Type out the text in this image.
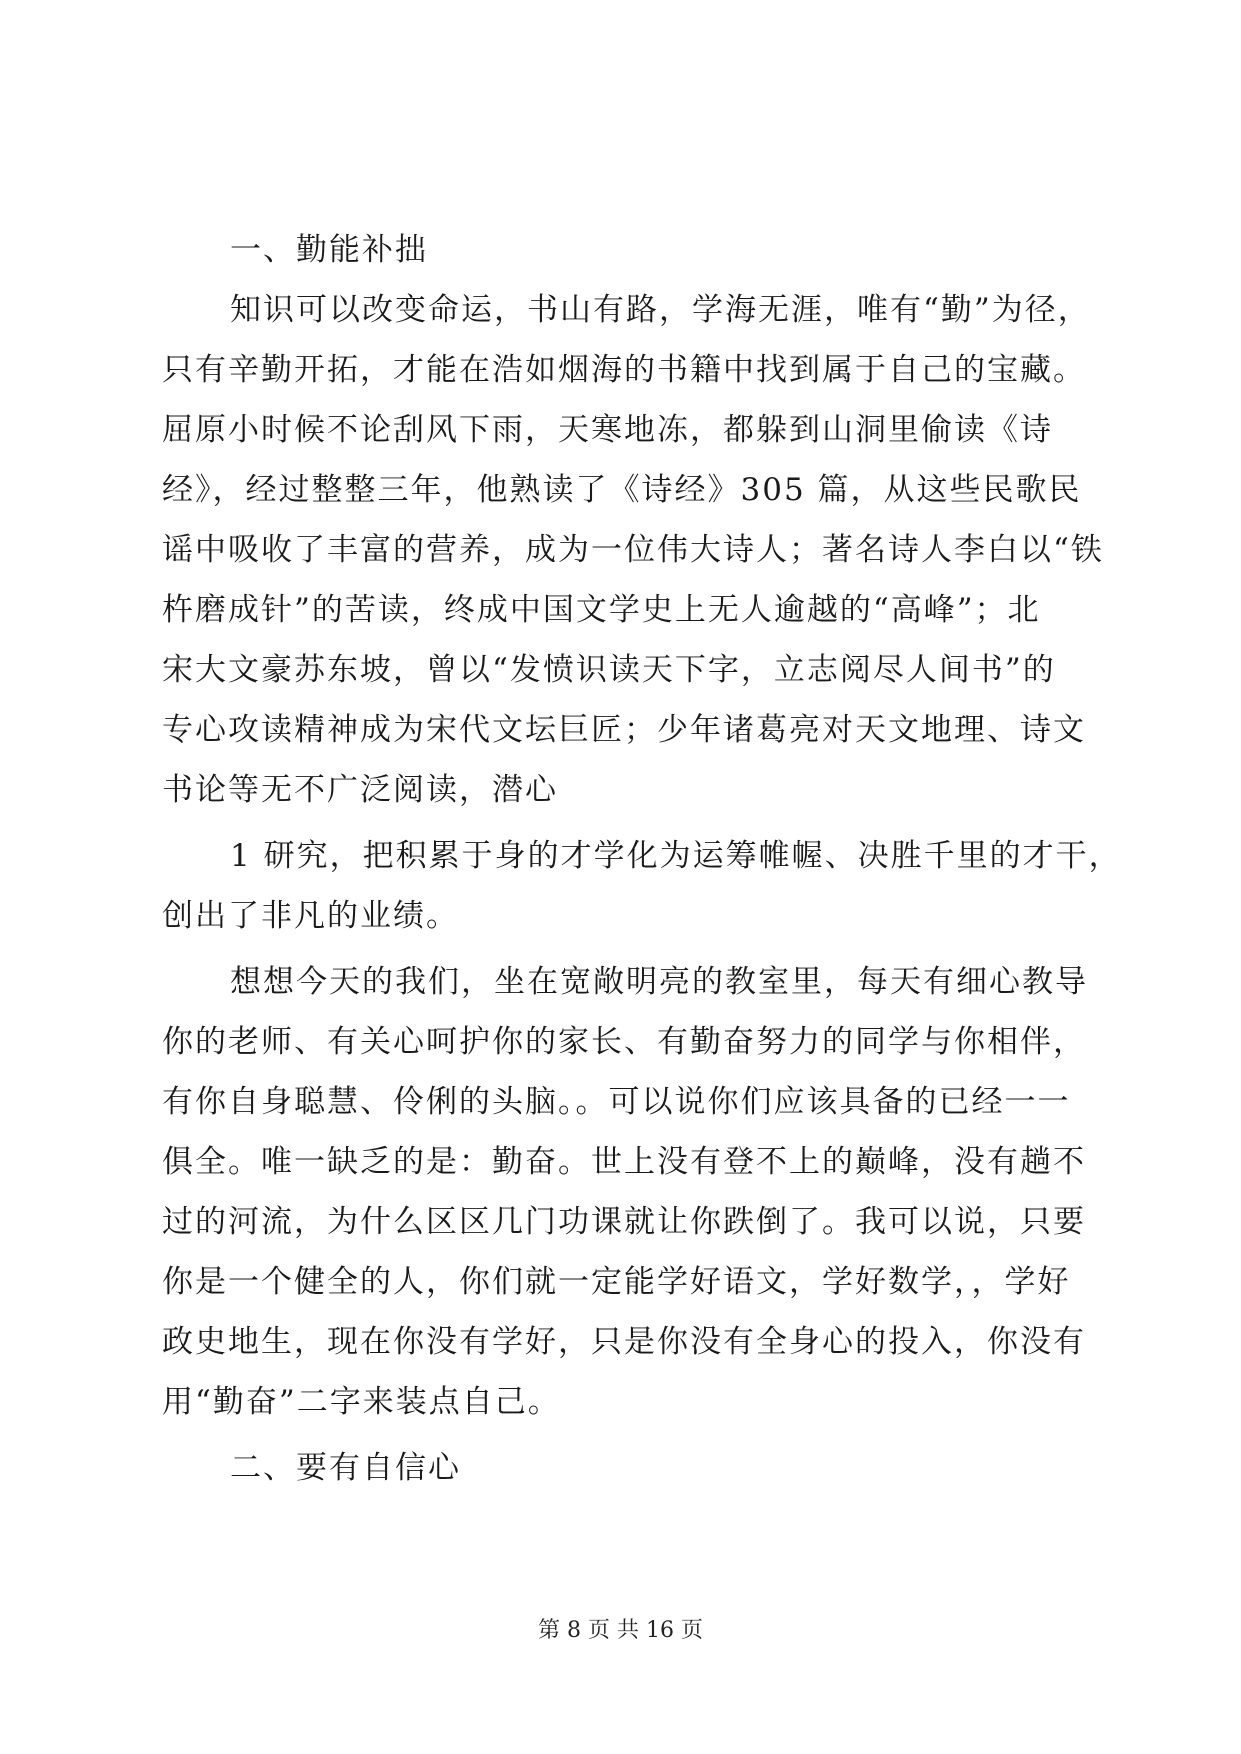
一、勤能补拙
知识可以改变命运，书山有路，学海无涯，唯有“勤”为径，
只有辛勤开拓，才能在浩如烟海的书籍中找到属于自己的宝藏。
屈原小时候不论刮风下雨，天寒地冻，都躲到山洞里偷读《诗
经》，经过整整三年，他熟读了《诗经》305 篇，从这些民歌民
谣中吸收了丰富的营养，成为一位伟大诗人；著名诗人李白以“铁
杵磨成针”的苦读，终成中国文学史上无人逾越的“高峰”；北
宋大文豪苏东坡，曾以“发愤识读天下字，立志阅尽人间书”的
专心攻读精神成为宋代文坛巨匠；少年诸葛亮对天文地理、诗文
书论等无不广泛阅读，潜心
1 研究，把积累于身的才学化为运筹帷幄、决胜千里的才干，
创出了非凡的业绩。
想想今天的我们，坐在宽敞明亮的教室里，每天有细心教导
你的老师、有关心呵护你的家长、有勤奋努力的同学与你相伴，
有你自身聪慧、伶俐的头脑。。可以说你们应该具备的已经一一
俱全。唯一缺乏的是：勤奋。世上没有登不上的巅峰，没有趟不
过的河流，为什么区区几门功课就让你跌倒了。我可以说，只要
你是一个健全的人，你们就一定能学好语文，学好数学，，学好
政史地生，现在你没有学好，只是你没有全身心的投入，你没有
用“勤奋”二字来装点自己。
二、要有自信心
第 8 页 共 16 页
